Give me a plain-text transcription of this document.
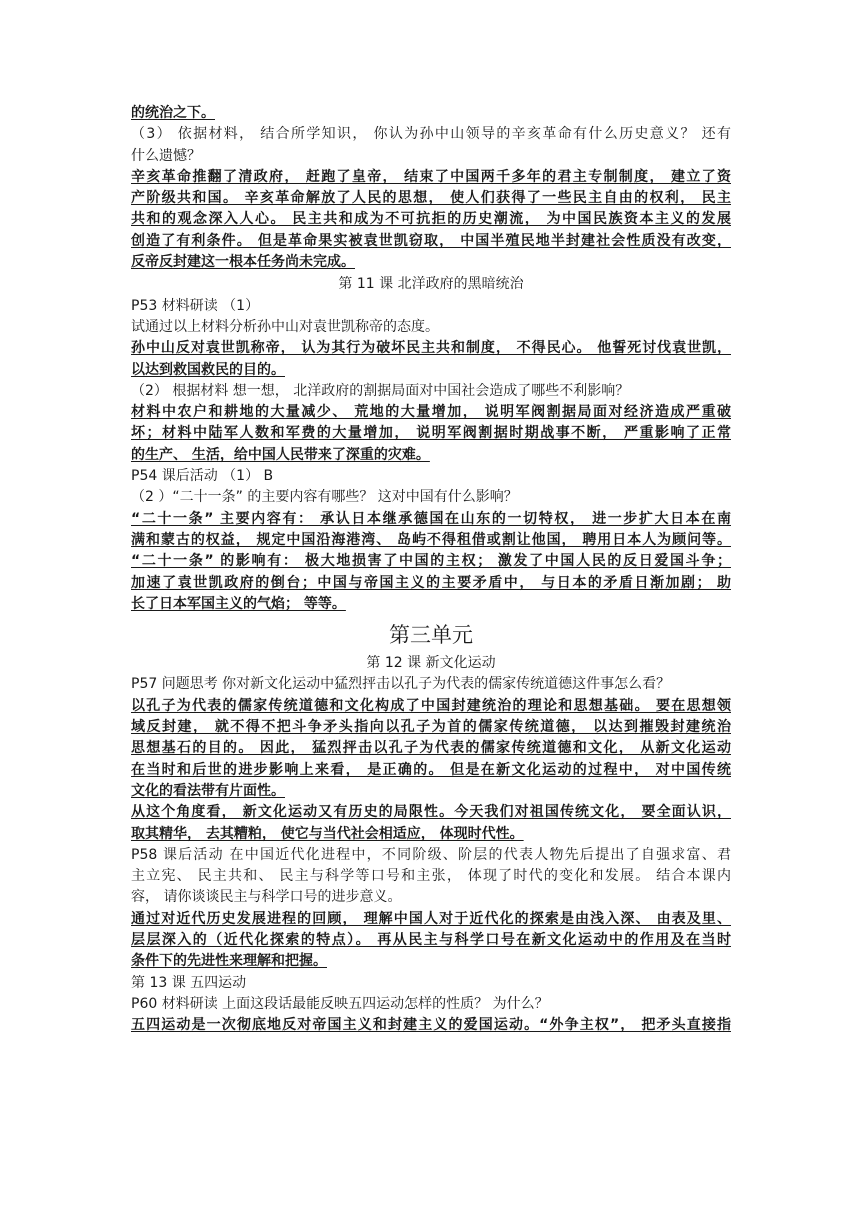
的统治之下。
（3） 依据材料， 结合所学知识， 你认为孙中山领导的辛亥革命有什么历史意义？ 还有
什么遗憾？
辛亥革命推翻了清政府， 赶跑了皇帝， 结束了中国两千多年的君主专制制度， 建立了资
产阶级共和国。 辛亥革命解放了人民的思想， 使人们获得了一些民主自由的权利， 民主
共和的观念深入人心。 民主共和成为不可抗拒的历史潮流， 为中国民族资本主义的发展
创造了有利条件。 但是革命果实被袁世凯窃取， 中国半殖民地半封建社会性质没有改变，
反帝反封建这一根本任务尚未完成。
第 11 课 北洋政府的黑暗统治
P53 材料研读 （1）
试通过以上材料分析孙中山对袁世凯称帝的态度。
孙中山反对袁世凯称帝， 认为其行为破坏民主共和制度， 不得民心。 他誓死讨伐袁世凯，
以达到救国救民的目的。
（2） 根据材料 想一想， 北洋政府的割据局面对中国社会造成了哪些不利影响？
材料中农户和耕地的大量减少、 荒地的大量增加， 说明军阀割据局面对经济造成严重破
坏；材料中陆军人数和军费的大量增加， 说明军阀割据时期战事不断， 严重影响了正常
的生产、 生活，给中国人民带来了深重的灾难。
P54 课后活动 （1） B
（2 ）“二十一条” 的主要内容有哪些？ 这对中国有什么影响？
“二十一条” 主要内容有： 承认日本继承德国在山东的一切特权， 进一步扩大日本在南
满和蒙古的权益， 规定中国沿海港湾、 岛屿不得租借或割让他国， 聘用日本人为顾问等。
“二十一条” 的影响有： 极大地损害了中国的主权； 激发了中国人民的反日爱国斗争；
加速了袁世凯政府的倒台；中国与帝国主义的主要矛盾中， 与日本的矛盾日渐加剧； 助
长了日本军国主义的气焰； 等等。
第三单元
第 12 课 新文化运动
P57 问题思考 你对新文化运动中猛烈抨击以孔子为代表的儒家传统道德这件事怎么看？
以孔子为代表的儒家传统道德和文化构成了中国封建统治的理论和思想基础。 要在思想领
域反封建， 就不得不把斗争矛头指向以孔子为首的儒家传统道德， 以达到摧毁封建统治
思想基石的目的。 因此， 猛烈抨击以孔子为代表的儒家传统道德和文化， 从新文化运动
在当时和后世的进步影响上来看， 是正确的。 但是在新文化运动的过程中， 对中国传统
文化的看法带有片面性。
从这个角度看， 新文化运动又有历史的局限性。今天我们对祖国传统文化， 要全面认识，
取其精华， 去其糟粕， 使它与当代社会相适应， 体现时代性。
P58 课后活动 在中国近代化进程中，不同阶级、阶层的代表人物先后提出了自强求富、君
主立宪、 民主共和、 民主与科学等口号和主张， 体现了时代的变化和发展。 结合本课内
容， 请你谈谈民主与科学口号的进步意义。
通过对近代历史发展进程的回顾， 理解中国人对于近代化的探索是由浅入深、 由表及里、
层层深入的（近代化探索的特点）。 再从民主与科学口号在新文化运动中的作用及在当时
条件下的先进性来理解和把握。
第 13 课 五四运动
P60 材料研读 上面这段话最能反映五四运动怎样的性质？ 为什么？
五四运动是一次彻底地反对帝国主义和封建主义的爱国运动。“外争主权”， 把矛头直接指
